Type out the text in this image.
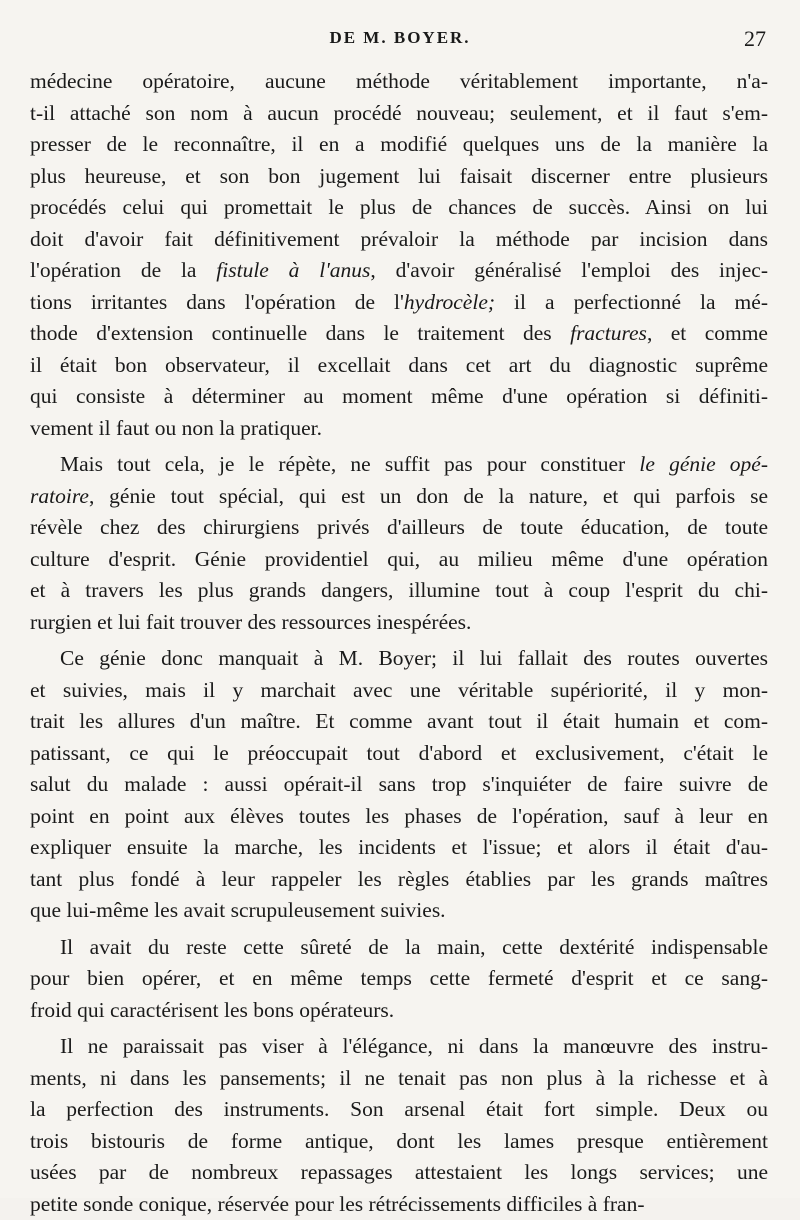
DE M. BOYER.	27
médecine opératoire, aucune méthode véritablement importante, n'a-
t-il attaché son nom à aucun procédé nouveau; seulement, et il faut s'em-
presser de le reconnaître, il en a modifié quelques uns de la manière la
plus heureuse, et son bon jugement lui faisait discerner entre plusieurs
procédés celui qui promettait le plus de chances de succès. Ainsi on lui
doit d'avoir fait définitivement prévaloir la méthode par incision dans
l'opération de la fistule à l'anus, d'avoir généralisé l'emploi des injec-
tions irritantes dans l'opération de l'hydrocèle; il a perfectionné la mé-
thode d'extension continuelle dans le traitement des fractures, et comme
il était bon observateur, il excellait dans cet art du diagnostic suprême
qui consiste à déterminer au moment même d'une opération si définiti-
vement il faut ou non la pratiquer.
Mais tout cela, je le répète, ne suffit pas pour constituer le génie opé-
ratoire, génie tout spécial, qui est un don de la nature, et qui parfois se
révèle chez des chirurgiens privés d'ailleurs de toute éducation, de toute
culture d'esprit. Génie providentiel qui, au milieu même d'une opération
et à travers les plus grands dangers, illumine tout à coup l'esprit du chi-
rurgien et lui fait trouver des ressources inespérées.
Ce génie donc manquait à M. Boyer; il lui fallait des routes ouvertes
et suivies, mais il y marchait avec une véritable supériorité, il y mon-
trait les allures d'un maître. Et comme avant tout il était humain et com-
patissant, ce qui le préoccupait tout d'abord et exclusivement, c'était le
salut du malade : aussi opérait-il sans trop s'inquiéter de faire suivre de
point en point aux élèves toutes les phases de l'opération, sauf à leur en
expliquer ensuite la marche, les incidents et l'issue; et alors il était d'au-
tant plus fondé à leur rappeler les règles établies par les grands maîtres
que lui-même les avait scrupuleusement suivies.
Il avait du reste cette sûreté de la main, cette dextérité indispensable
pour bien opérer, et en même temps cette fermeté d'esprit et ce sang-
froid qui caractérisent les bons opérateurs.
Il ne paraissait pas viser à l'élégance, ni dans la manœuvre des instru-
ments, ni dans les pansements; il ne tenait pas non plus à la richesse et à
la perfection des instruments. Son arsenal était fort simple. Deux ou
trois bistouris de forme antique, dont les lames presque entièrement
usées par de nombreux repassages attestaient les longs services; une
petite sonde conique, réservée pour les rétrécissements difficiles à fran-
